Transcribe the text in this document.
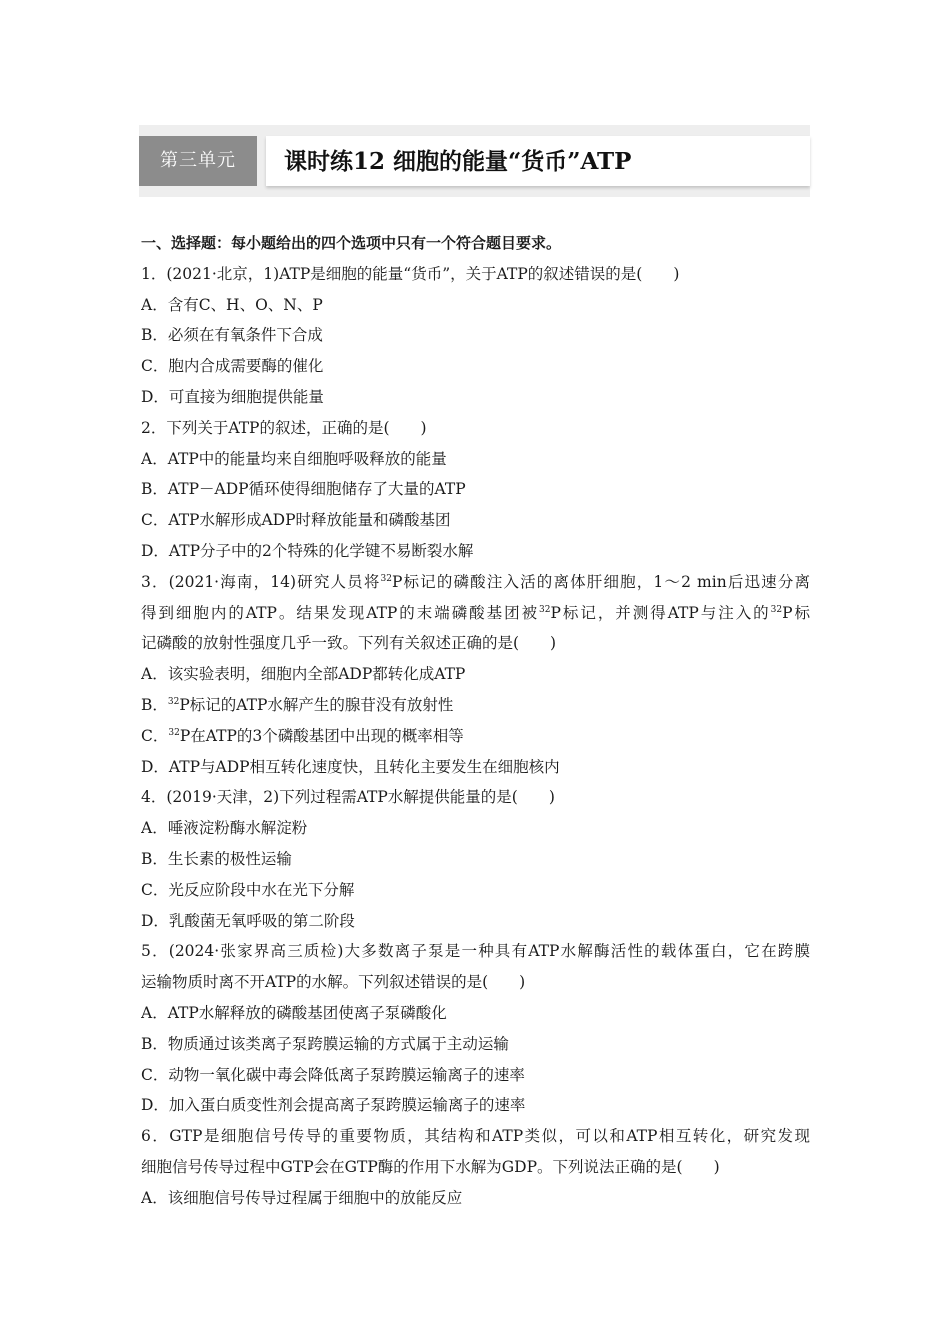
第三单元	课时练12 细胞的能量“货币”ATP
一、选择题：每小题给出的四个选项中只有一个符合题目要求。
1．(2021·北京，1)ATP是细胞的能量“货币”，关于ATP的叙述错误的是(　　)
A．含有C、H、O、N、P
B．必须在有氧条件下合成
C．胞内合成需要酶的催化
D．可直接为细胞提供能量
2．下列关于ATP的叙述，正确的是(　　)
A．ATP中的能量均来自细胞呼吸释放的能量
B．ATP－ADP循环使得细胞储存了大量的ATP
C．ATP水解形成ADP时释放能量和磷酸基团
D．ATP分子中的2个特殊的化学键不易断裂水解
3．(2021·海南，14)研究人员将$^{32}$P标记的磷酸注入活的离体肝细胞，1～2 min后迅速分离
得到细胞内的ATP。结果发现ATP的末端磷酸基团被$^{32}$P标记，并测得ATP与注入的$^{32}$P标
记磷酸的放射性强度几乎一致。下列有关叙述正确的是(　　)
A．该实验表明，细胞内全部ADP都转化成ATP
B．$^{32}$P标记的ATP水解产生的腺苷没有放射性
C．$^{32}$P在ATP的3个磷酸基团中出现的概率相等
D．ATP与ADP相互转化速度快，且转化主要发生在细胞核内
4．(2019·天津，2)下列过程需ATP水解提供能量的是(　　)
A．唾液淀粉酶水解淀粉
B．生长素的极性运输
C．光反应阶段中水在光下分解
D．乳酸菌无氧呼吸的第二阶段
5．(2024·张家界高三质检)大多数离子泵是一种具有ATP水解酶活性的载体蛋白，它在跨膜
运输物质时离不开ATP的水解。下列叙述错误的是(　　)
A．ATP水解释放的磷酸基团使离子泵磷酸化
B．物质通过该类离子泵跨膜运输的方式属于主动运输
C．动物一氧化碳中毒会降低离子泵跨膜运输离子的速率
D．加入蛋白质变性剂会提高离子泵跨膜运输离子的速率
6．GTP是细胞信号传导的重要物质，其结构和ATP类似，可以和ATP相互转化，研究发现
细胞信号传导过程中GTP会在GTP酶的作用下水解为GDP。下列说法正确的是(　　)
A．该细胞信号传导过程属于细胞中的放能反应
